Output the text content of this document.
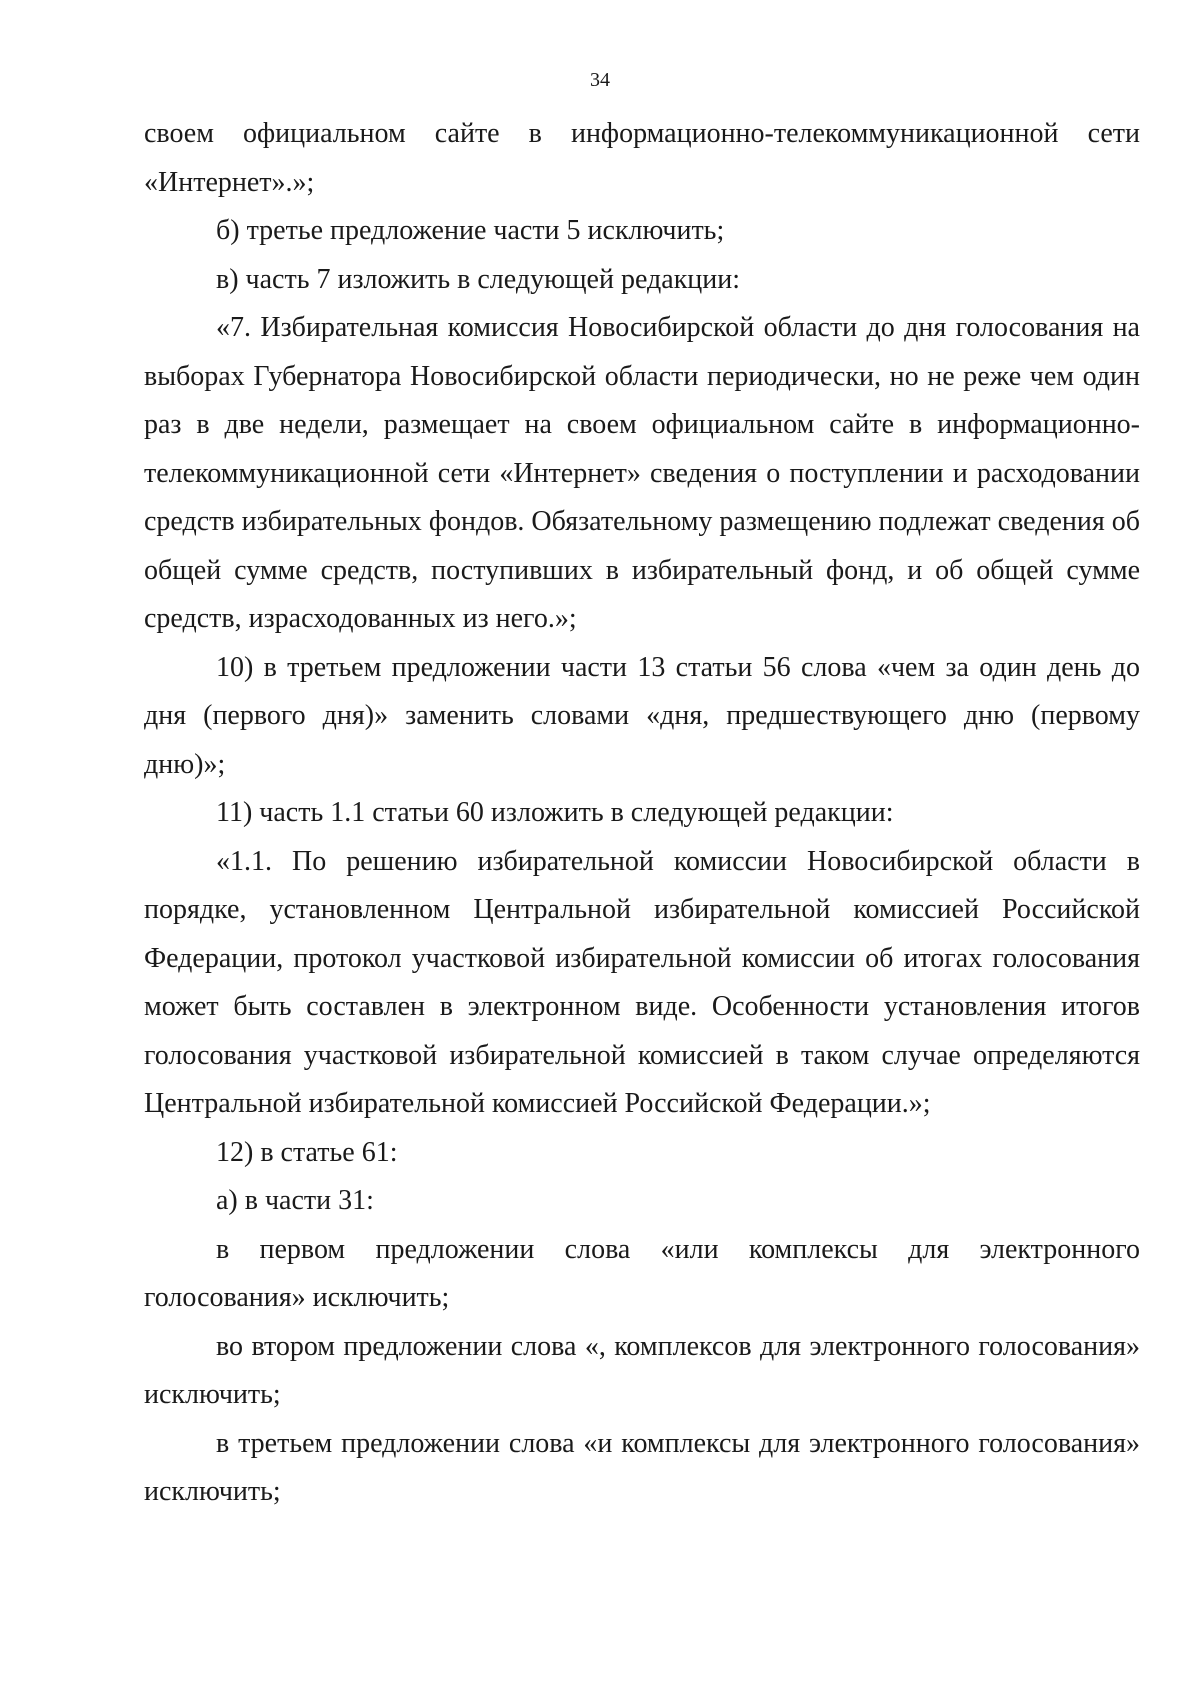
34

своем официальном сайте в информационно-телекоммуникационной сети «Интернет».»;

б) третье предложение части 5 исключить;

в) часть 7 изложить в следующей редакции:

«7. Избирательная комиссия Новосибирской области до дня голосования на выборах Губернатора Новосибирской области периодически, но не реже чем один раз в две недели, размещает на своем официальном сайте в информационно-телекоммуникационной сети «Интернет» сведения о поступлении и расходовании средств избирательных фондов. Обязательному размещению подлежат сведения об общей сумме средств, поступивших в избирательный фонд, и об общей сумме средств, израсходованных из него.»;

10) в третьем предложении части 13 статьи 56 слова «чем за один день до дня (первого дня)» заменить словами «дня, предшествующего дню (первому дню)»;

11) часть 1.1 статьи 60 изложить в следующей редакции:

«1.1. По решению избирательной комиссии Новосибирской области в порядке, установленном Центральной избирательной комиссией Российской Федерации, протокол участковой избирательной комиссии об итогах голосования может быть составлен в электронном виде. Особенности установления итогов голосования участковой избирательной комиссией в таком случае определяются Центральной избирательной комиссией Российской Федерации.»;

12) в статье 61:

а) в части 31:

в первом предложении слова «или комплексы для электронного голосования» исключить;

во втором предложении слова «, комплексов для электронного голосования» исключить;

в третьем предложении слова «и комплексы для электронного голосования» исключить;
